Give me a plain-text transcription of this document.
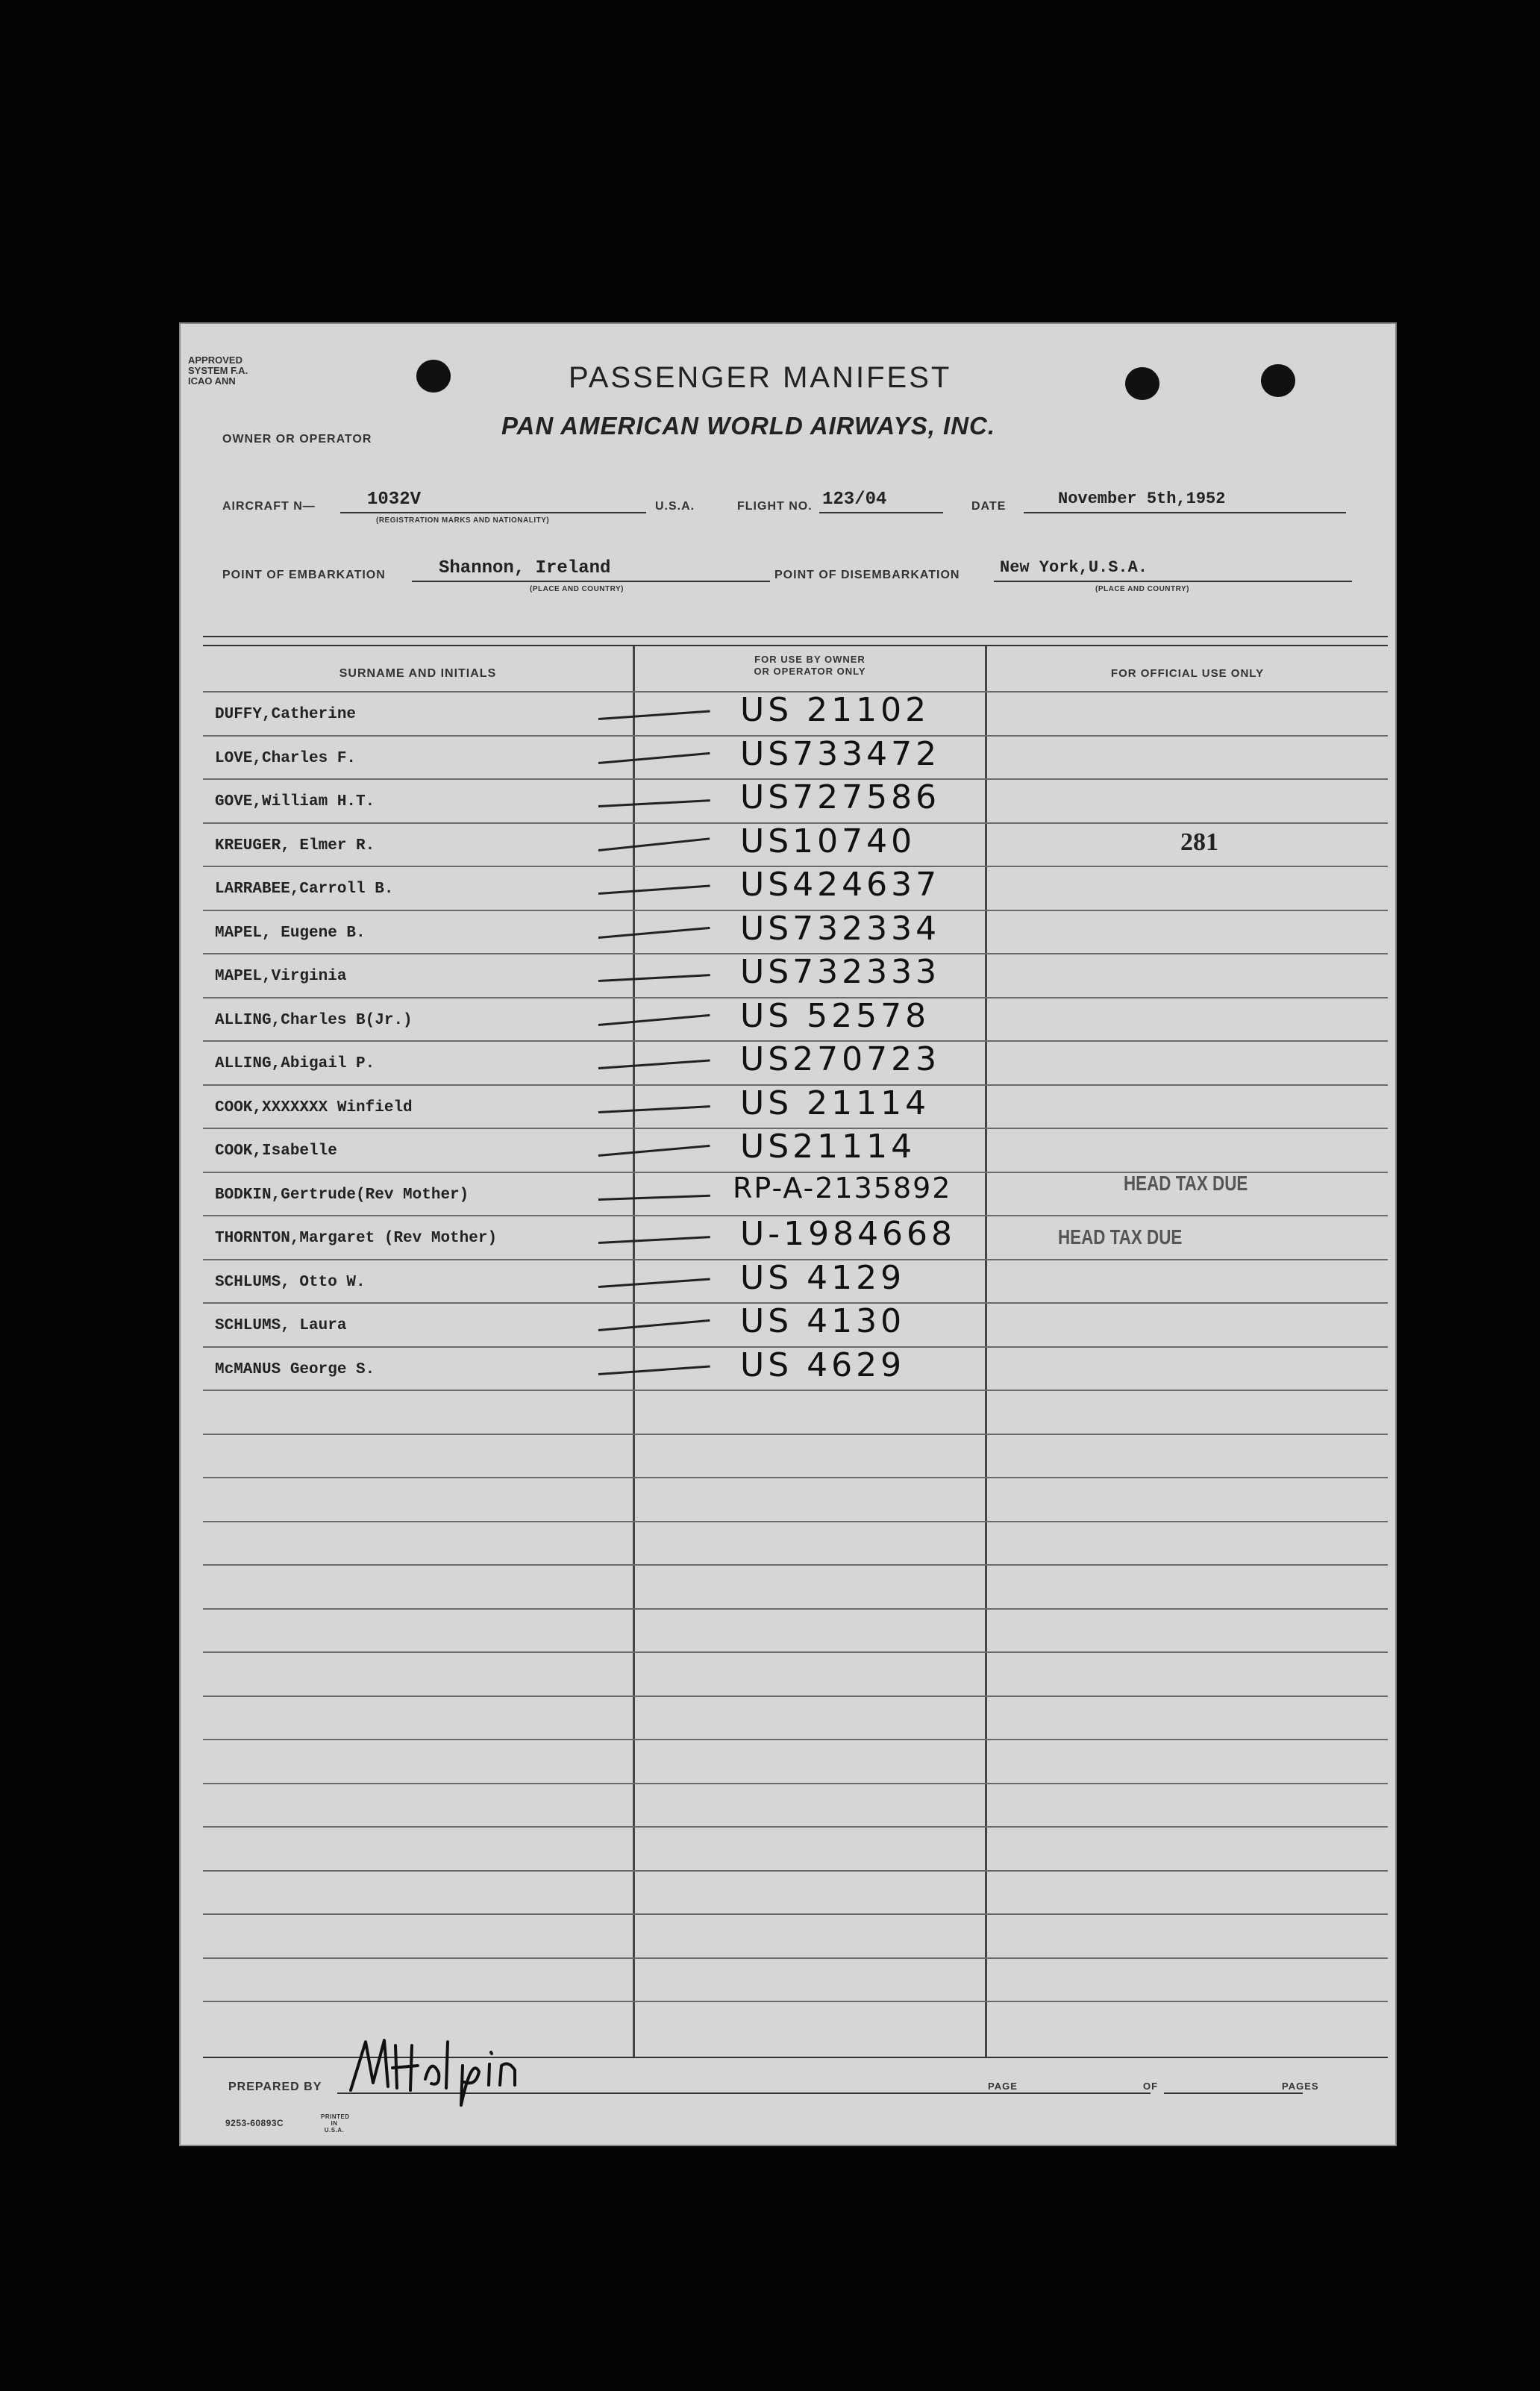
APPROVED
SYSTEM F.A.
ICAO ANN	PASSENGER MANIFEST
OWNER OR OPERATOR	PAN AMERICAN WORLD AIRWAYS, INC.
AIRCRAFT N—	1032V
(REGISTRATION MARKS AND NATIONALITY)
U.S.A.	FLIGHT NO. 123/04	DATE	November 5th,1952
POINT OF EMBARKATION	Shannon, Ireland
(PLACE AND COUNTRY)
POINT OF DISEMBARKATION New York,U.S.A.
(PLACE AND COUNTRY)
SURNAME AND INITIALS
FOR USE BY OWNER
OR OPERATOR ONLY	FOR OFFICIAL USE ONLY
DUFFY,Catherine	US 21102
LOVE,Charles F.	US733472
GOVE,William H.T.	US727586
KREUGER, Elmer R.	US10740	281
LARRABEE,Carroll B.	US424637
MAPEL, Eugene B.	US732334
MAPEL,Virginia	US732333
ALLING,Charles B(Jr.)	US 52578
ALLING,Abigail P.	US270723
COOK,XXXXXXX Winfield	US 21114
COOK,Isabelle	US21114
BODKIN,Gertrude(Rev Mother)	RP-A-2135892	HEAD TAX DUE
THORNTON,Margaret (Rev Mother)	U-1984668	HEAD TAX DUE
SCHLUMS, Otto W.	US 4129
SCHLUMS, Laura	US 4130
McMANUS George S.	US 4629
PREPARED BY	PAGE	OF	PAGES
9253-60893C
PRINTED IN U.S.A.
